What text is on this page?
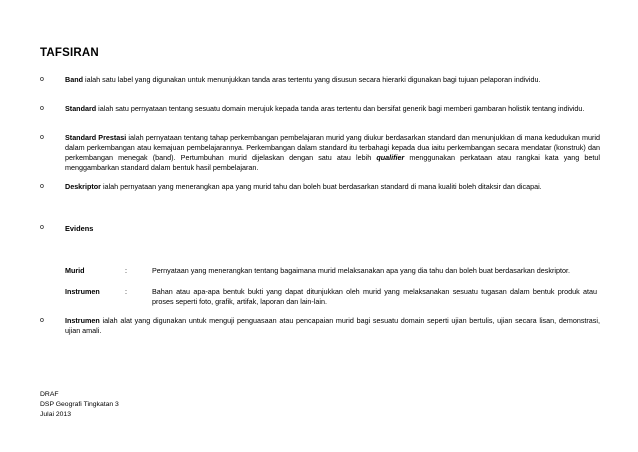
TAFSIRAN
o	Band ialah satu label yang digunakan untuk menunjukkan tanda aras tertentu yang disusun secara hierarki digunakan bagi tujuan pelaporan individu.
o	Standard ialah satu pernyataan tentang sesuatu domain merujuk kepada tanda aras tertentu dan bersifat generik bagi memberi gambaran holistik tentang individu.
o	Standard Prestasi ialah pernyataan tentang tahap perkembangan pembelajaran murid yang diukur berdasarkan standard dan menunjukkan di mana kedudukan murid dalam perkembangan atau kemajuan pembelajarannya. Perkembangan dalam standard itu terbahagi kepada dua iaitu perkembangan secara mendatar (konstruk) dan perkembangan menegak (band). Pertumbuhan murid dijelaskan dengan satu atau lebih qualifier menggunakan perkataan atau rangkai kata yang betul menggambarkan standard dalam bentuk hasil pembelajaran.
o	Deskriptor ialah pernyataan yang menerangkan apa yang murid tahu dan boleh buat berdasarkan standard di mana kualiti boleh ditaksir dan dicapai.
o	Evidens
Murid	:	Pernyataan yang menerangkan tentang bagaimana murid melaksanakan apa yang dia tahu dan boleh buat berdasarkan deskriptor.
Instrumen	:	Bahan atau apa-apa bentuk bukti yang dapat ditunjukkan oleh murid yang melaksanakan sesuatu tugasan dalam bentuk produk atau proses seperti foto, grafik, artifak, laporan dan lain-lain.
o	Instrumen ialah alat yang digunakan untuk menguji penguasaan atau pencapaian murid bagi sesuatu domain seperti ujian bertulis, ujian secara lisan, demonstrasi, ujian amali.
DRAF
DSP Geografi Tingkatan 3
Julai 2013
